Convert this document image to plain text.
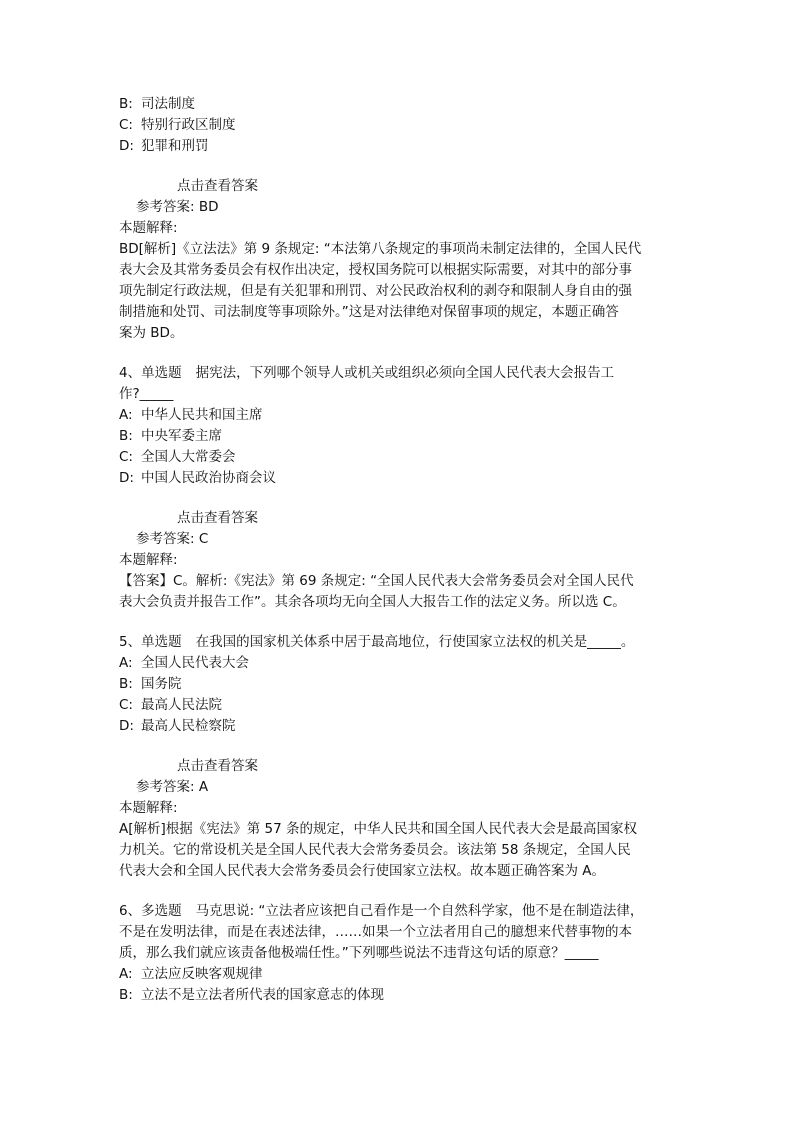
B: 司法制度
C: 特别行政区制度
D: 犯罪和刑罚
点击查看答案
参考答案: BD
本题解释:
BD[解析]《立法法》第 9 条规定: “本法第八条规定的事项尚未制定法律的，全国人民代
表大会及其常务委员会有权作出决定，授权国务院可以根据实际需要，对其中的部分事
项先制定行政法规，但是有关犯罪和刑罚、对公民政治权利的剥夺和限制人身自由的强
制措施和处罚、司法制度等事项除外。”这是对法律绝对保留事项的规定，本题正确答
案为 BD。
4、单选题 据宪法，下列哪个领导人或机关或组织必须向全国人民代表大会报告工
作?_____
A: 中华人民共和国主席
B: 中央军委主席
C: 全国人大常委会
D: 中国人民政治协商会议
点击查看答案
参考答案: C
本题解释:
【答案】C。解析:《宪法》第 69 条规定: “全国人民代表大会常务委员会对全国人民代
表大会负责并报告工作”。其余各项均无向全国人大报告工作的法定义务。所以选 C。
5、单选题 在我国的国家机关体系中居于最高地位，行使国家立法权的机关是_____。
A: 全国人民代表大会
B: 国务院
C: 最高人民法院
D: 最高人民检察院
点击查看答案
参考答案: A
本题解释:
A[解析]根据《宪法》第 57 条的规定，中华人民共和国全国人民代表大会是最高国家权
力机关。它的常设机关是全国人民代表大会常务委员会。该法第 58 条规定，全国人民
代表大会和全国人民代表大会常务委员会行使国家立法权。故本题正确答案为 A。
6、多选题 马克思说: “立法者应该把自己看作是一个自然科学家，他不是在制造法律，
不是在发明法律，而是在表述法律，……如果一个立法者用自己的臆想来代替事物的本
质，那么我们就应该责备他极端任性。”下列哪些说法不违背这句话的原意？_____
A: 立法应反映客观规律
B: 立法不是立法者所代表的国家意志的体现
